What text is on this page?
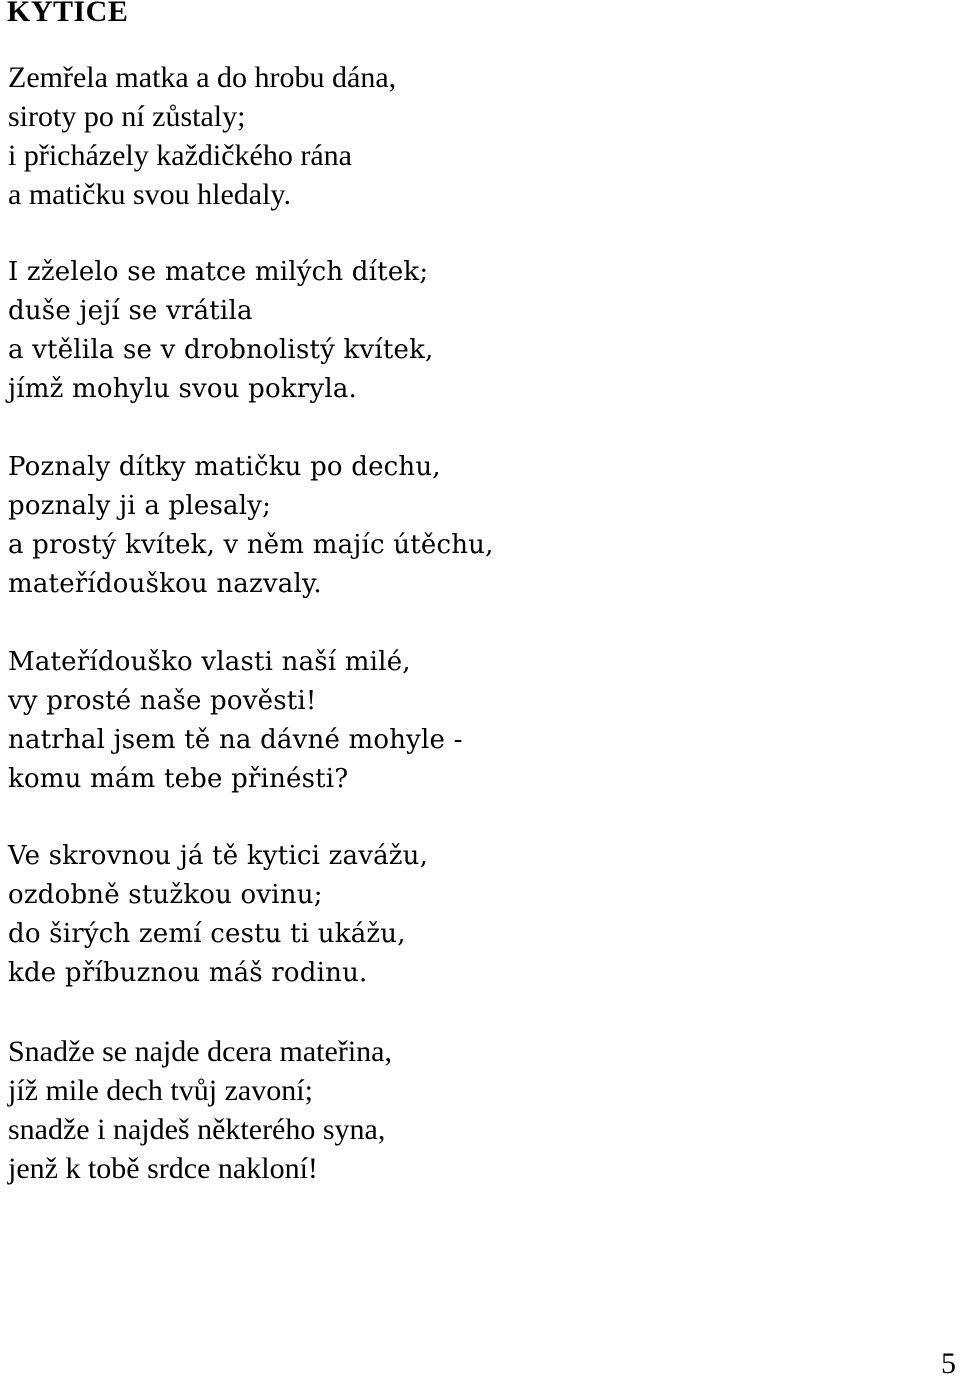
KYTICE
Zemřela matka a do hrobu dána,
siroty po ní zůstaly;
i přicházely každičkého rána
a matičku svou hledaly.
I zželelo se matce milých dítek;
duše její se vrátila
a vtělila se v drobnolistý kvítek,
jímž mohylu svou pokryla.
Poznaly dítky matičku po dechu,
poznaly ji a plesaly;
a prostý kvítek, v něm majíc útěchu,
mateřídouškou nazvaly.
Mateřídouško vlasti naší milé,
vy prosté naše pověsti!
natrhal jsem tě na dávné mohyle -
komu mám tebe přinésti?
Ve skrovnou já tě kytici zavážu,
ozdobně stužkou ovinu;
do širých zemí cestu ti ukážu,
kde příbuznou máš rodinu.
Snadže se najde dcera mateřina,
jíž mile dech tvůj zavoní;
snadže i najdeš některého syna,
jenž k tobě srdce nakloní!
5
